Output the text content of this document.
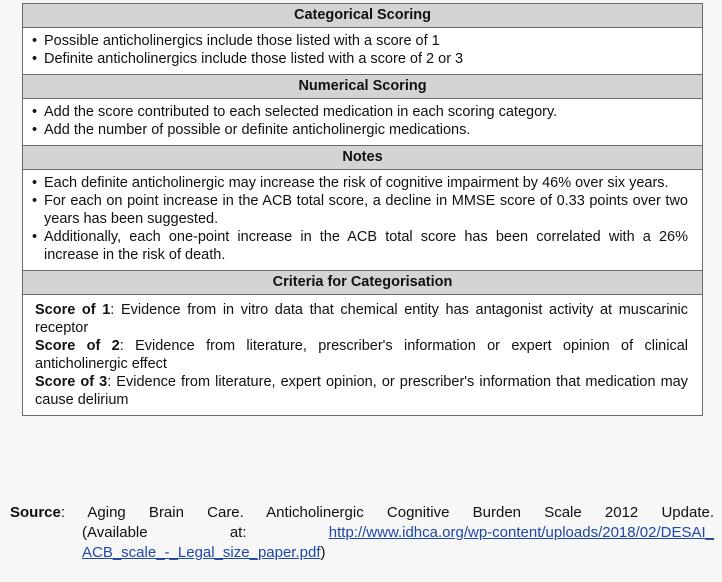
Categorical Scoring
• Possible anticholinergics include those listed with a score of 1
• Definite anticholinergics include those listed with a score of 2 or 3
Numerical Scoring
• Add the score contributed to each selected medication in each scoring category.
• Add the number of possible or definite anticholinergic medications.
Notes
• Each definite anticholinergic may increase the risk of cognitive impairment by 46% over six years.
• For each on point increase in the ACB total score, a decline in MMSE score of 0.33 points over two years has been suggested.
• Additionally, each one-point increase in the ACB total score has been correlated with a 26% increase in the risk of death.
Criteria for Categorisation

Score of 1: Evidence from in vitro data that chemical entity has antagonist activity at muscarinic receptor

Score of 2: Evidence from literature, prescriber's information or expert opinion of clinical anticholinergic effect

Score of 3: Evidence from literature, expert opinion, or prescriber's information that medication may cause delirium

Source: Aging Brain Care. Anticholinergic Cognitive Burden Scale 2012 Update.
(Available at: http://www.idhca.org/wp-content/uploads/2018/02/DESAI_
ACB_scale_-_Legal_size_paper.pdf)
